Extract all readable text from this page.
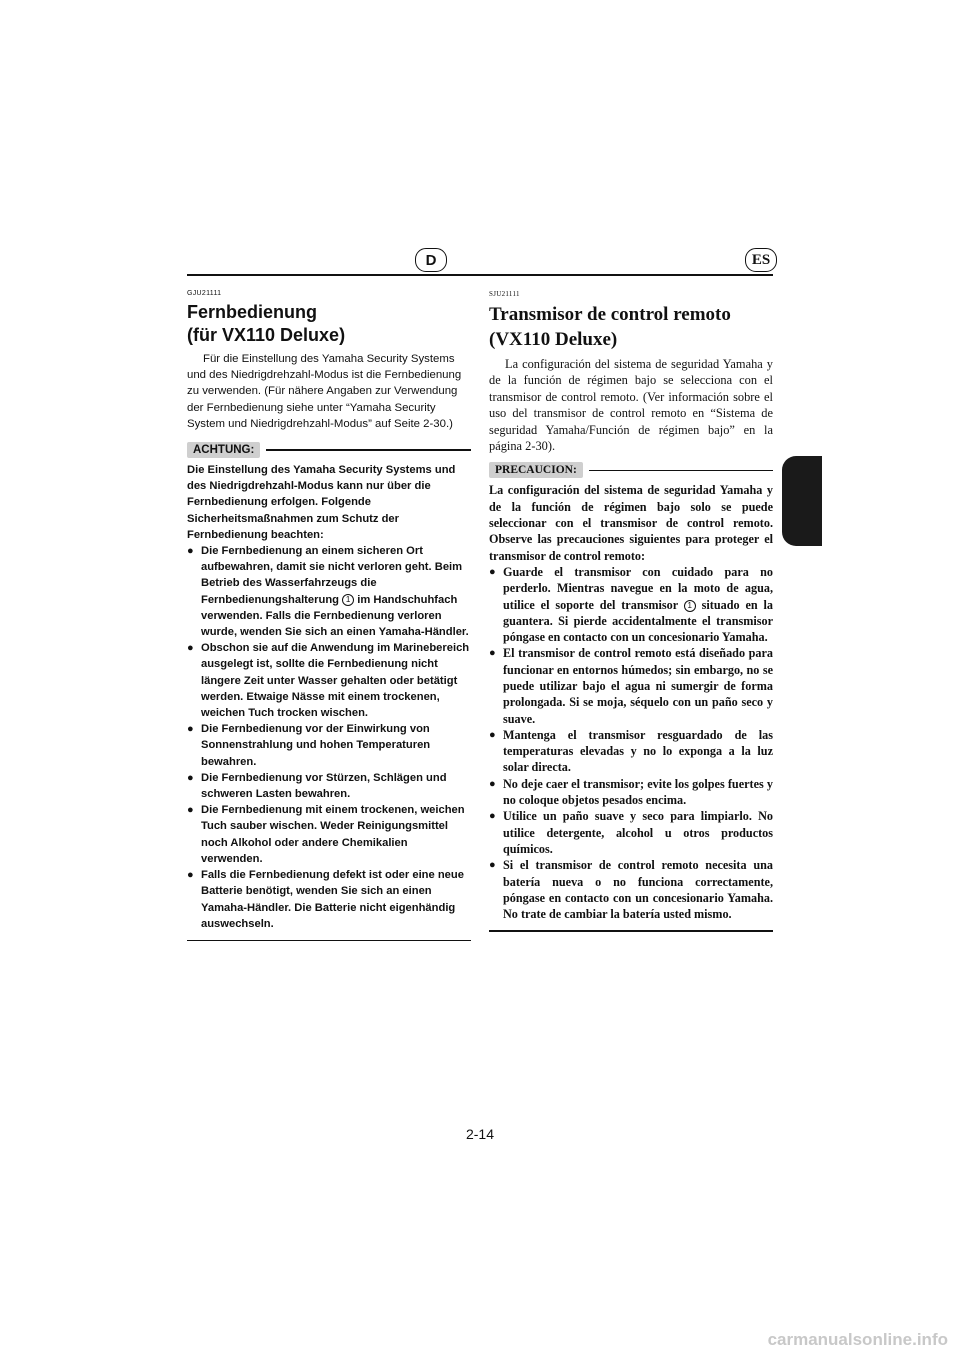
D	ES
GJU21111
Fernbedienung
(für VX110 Deluxe)

Für die Einstellung des Yamaha Security Systems und des Niedrigdrehzahl-Modus ist die Fernbedienung zu verwenden. (Für nähere Angaben zur Verwendung der Fernbedienung siehe unter “Yamaha Security System und Niedrigdrehzahl-Modus” auf Seite 2-30.)

ACHTUNG:

Die Einstellung des Yamaha Security Systems und des Niedrigdrehzahl-Modus kann nur über die Fernbedienung erfolgen. Folgende Sicherheitsmaßnahmen zum Schutz der Fernbedienung beachten:

● Die Fernbedienung an einem sicheren Ort aufbewahren, damit sie nicht verloren geht. Beim Betrieb des Wasserfahrzeugs die Fernbedienungshalterung 1 im Handschuhfach verwenden. Falls die Fernbedienung verloren wurde, wenden Sie sich an einen Yamaha-Händler.
● Obschon sie auf die Anwendung im Marinebereich ausgelegt ist, sollte die Fernbedienung nicht längere Zeit unter Wasser gehalten oder betätigt werden. Etwaige Nässe mit einem trockenen, weichen Tuch trocken wischen.
● Die Fernbedienung vor der Einwirkung von Sonnenstrahlung und hohen Temperaturen bewahren.
● Die Fernbedienung vor Stürzen, Schlägen und schweren Lasten bewahren.
● Die Fernbedienung mit einem trockenen, weichen Tuch sauber wischen. Weder Reinigungsmittel noch Alkohol oder andere Chemikalien verwenden.
● Falls die Fernbedienung defekt ist oder eine neue Batterie benötigt, wenden Sie sich an einen Yamaha-Händler. Die Batterie nicht eigenhändig auswechseln.
SJU21111
Transmisor de control remoto
(VX110 Deluxe)

La configuración del sistema de seguridad Yamaha y de la función de régimen bajo se selecciona con el transmisor de control remoto. (Ver información sobre el uso del transmisor de control remoto en “Sistema de seguridad Yamaha/Función de régimen bajo” en la página 2-30).

PRECAUCION:

La configuración del sistema de seguridad Yamaha y de la función de régimen bajo solo se puede seleccionar con el transmisor de control remoto. Observe las precauciones siguientes para proteger el transmisor de control remoto:

● Guarde el transmisor con cuidado para no perderlo. Mientras navegue en la moto de agua, utilice el soporte del transmisor 1 situado en la guantera. Si pierde accidentalmente el transmisor póngase en contacto con un concesionario Yamaha.
● El transmisor de control remoto está diseñado para funcionar en entornos húmedos; sin embargo, no se puede utilizar bajo el agua ni sumergir de forma prolongada. Si se moja, séquelo con un paño seco y suave.
● Mantenga el transmisor resguardado de las temperaturas elevadas y no lo exponga a la luz solar directa.
● No deje caer el transmisor; evite los golpes fuertes y no coloque objetos pesados encima.
● Utilice un paño suave y seco para limpiarlo. No utilice detergente, alcohol u otros productos químicos.
● Si el transmisor de control remoto necesita una batería nueva o no funciona correctamente, póngase en contacto con un concesionario Yamaha. No trate de cambiar la batería usted mismo.
2-14
carmanualsonline.info
